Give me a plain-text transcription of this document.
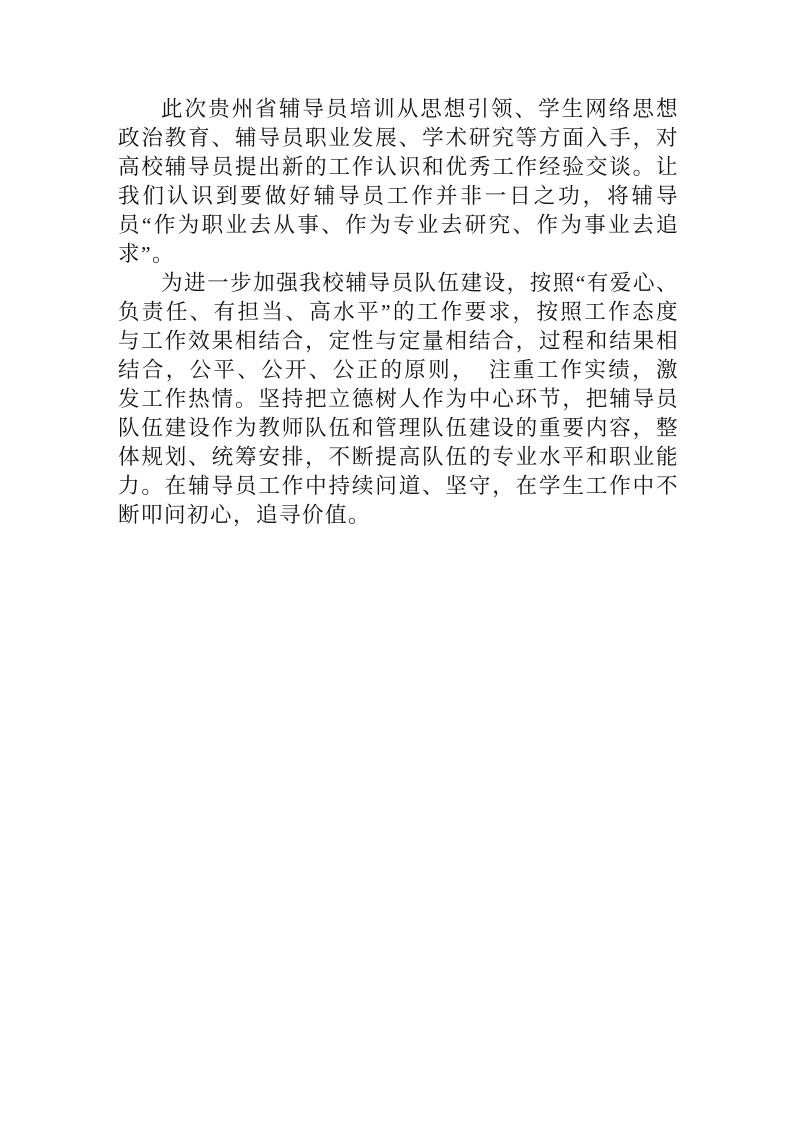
此次贵州省辅导员培训从思想引领、学生网络思想政治教育、辅导员职业发展、学术研究等方面入手，对高校辅导员提出新的工作认识和优秀工作经验交谈。让我们认识到要做好辅导员工作并非一日之功，将辅导员“作为职业去从事、作为专业去研究、作为事业去追求”。

为进一步加强我校辅导员队伍建设，按照“有爱心、负责任、有担当、高水平”的工作要求，按照工作态度与工作效果相结合，定性与定量相结合，过程和结果相结合，公平、公开、公正的原则，　注重工作实绩，激发工作热情。坚持把立德树人作为中心环节，把辅导员队伍建设作为教师队伍和管理队伍建设的重要内容，整体规划、统筹安排，不断提高队伍的专业水平和职业能力。在辅导员工作中持续问道、坚守，在学生工作中不断叩问初心，追寻价值。
